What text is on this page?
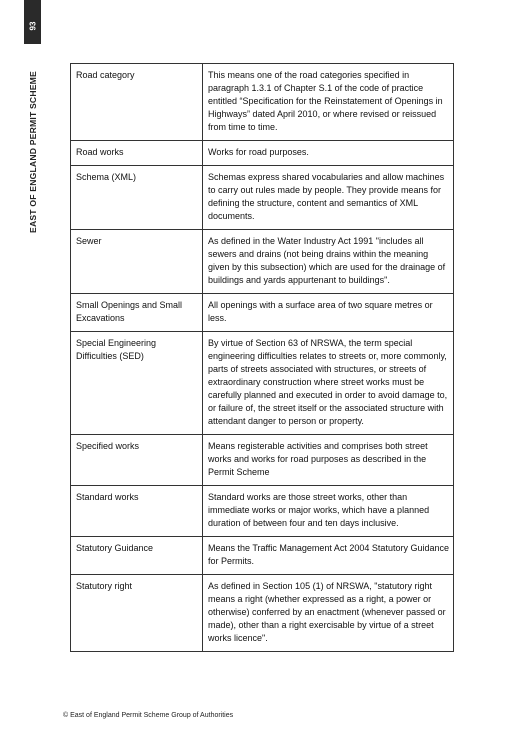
93
EAST OF ENGLAND PERMIT SCHEME	Road category	This means one of the road categories specified in paragraph 1.3.1 of Chapter S.1 of the code of practice entitled “Specification for the Reinstatement of Openings in Highways” dated April 2010, or where revised or reissued from time to time.
Road works	Works for road purposes.
Schema (XML)	Schemas express shared vocabularies and allow machines to carry out rules made by people. They provide means for defining the structure, content and semantics of XML documents.
Sewer	As defined in the Water Industry Act 1991 "includes all sewers and drains (not being drains within the meaning given by this subsection) which are used for the drainage of buildings and yards appurtenant to buildings".
Small Openings and Small Excavations	All openings with a surface area of two square metres or less.
Special Engineering Difficulties (SED)	By virtue of Section 63 of NRSWA, the term special engineering difficulties relates to streets or, more commonly, parts of streets associated with structures, or streets of extraordinary construction where street works must be carefully planned and executed in order to avoid damage to, or failure of, the street itself or the associated structure with attendant danger to person or property.
Specified works	Means registerable activities and comprises both street works and works for road purposes as described in the Permit Scheme
Standard works	Standard works are those street works, other than immediate works or major works, which have a planned duration of between four and ten days inclusive.
Statutory Guidance	Means the Traffic Management Act 2004 Statutory Guidance for Permits.
Statutory right	As defined in Section 105 (1) of NRSWA, "statutory right means a right (whether expressed as a right, a power or otherwise) conferred by an enactment (whenever passed or made), other than a right exercisable by virtue of a street works licence".
© East of England Permit Scheme Group of Authorities
